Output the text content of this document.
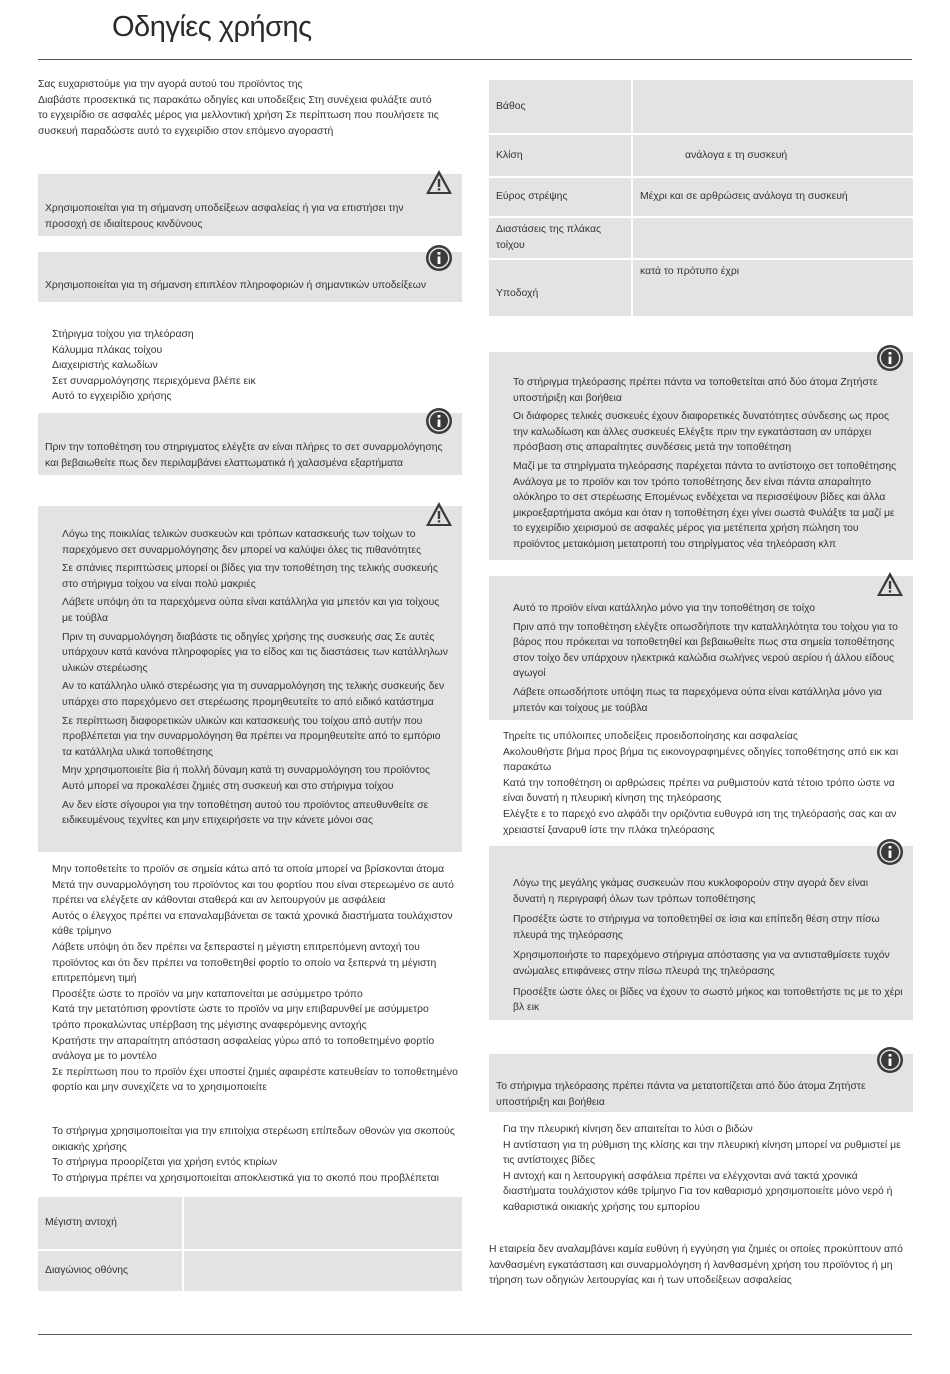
Οδηγίες χρήσης

Σας ευχαριστούμε για την αγορά αυτού του προϊόντος της

Διαβάστε προσεκτικά τις παρακάτω οδηγίες και υποδείξεις Στη συνέχεια φυλάξτε αυτό

το εγχειρίδιο σε ασφαλές μέρος για μελλοντική χρήση Σε περίπτωση που πουλήσετε τις

συσκευή παραδώστε αυτό το εγχειρίδιο στον επόμενο αγοραστή

Χρησιμοποιείται για τη σήμανση υποδείξεων ασφαλείας ή για να επιστήσει την προσοχή σε ιδιαίτερους κινδύνους
Χρησιμοποιείται για τη σήμανση επιπλέον πληροφοριών ή σημαντικών υποδείξεων

Στήριγμα τοίχου για τηλεόραση

Κάλυμμα πλάκας τοίχου

Διαχειριστής καλωδίων

Σετ συναρμολόγησης περιεχόμενα βλέπε εικ

Αυτό το εγχειρίδιο χρήσης

Πριν την τοποθέτηση του στηριγματος ελέγξτε αν είναι πλήρες το σετ συναρμολόγησης και βεβαιωθείτε πως δεν περιλαμβάνει ελαττωματικά ή χαλασμένα εξαρτήματα
Λόγω της ποικιλίας τελικών συσκευών και τρόπων κατασκευής των τοίχων το παρεχόμενο σετ συναρμολόγησης δεν μπορεί να καλύψει όλες τις πιθανότητες
Σε σπάνιες περιπτώσεις μπορεί οι βίδες για την τοποθέτηση της τελικής συσκευής στο στήριγμα τοίχου να είναι πολύ μακριές
Λάβετε υπόψη ότι τα παρεχόμενα ούπα είναι κατάλληλα για μπετόν και για τοίχους με τούβλα
Πριν τη συναρμολόγηση διαβάστε τις οδηγίες χρήσης της συσκευής σας Σε αυτές υπάρχουν κατά κανόνα πληροφορίες για το είδος και τις διαστάσεις των κατάλληλων υλικών στερέωσης
Αν το κατάλληλο υλικό στερέωσης για τη συναρμολόγηση της τελικής συσκευής δεν υπάρχει στο παρεχόμενο σετ στερέωσης προμηθευτείτε το από ειδικό κατάστημα
Σε περίπτωση διαφορετικών υλικών και κατασκευής του τοίχου από αυτήν που προβλέπεται για την συναρμολόγηση θα πρέπει να προμηθευτείτε από το εμπόριο τα κατάλληλα υλικά τοποθέτησης
Μην χρησιμοποιείτε βία ή πολλή δύναμη κατά τη συναρμολόγηση του προϊόντος Αυτό μπορεί να προκαλέσει ζημιές στη συσκευή και στο στήριγμα τοίχου
Αν δεν είστε σίγουροι για την τοποθέτηση αυτού του προϊόντος απευθυνθείτε σε ειδικευμένους τεχνίτες και μην επιχειρήσετε να την κάνετε μόνοι σας

Μην τοποθετείτε το προϊόν σε σημεία κάτω από τα οποία μπορεί να βρίσκονται άτομα

Μετά την συναρμολόγηση του προϊόντος και του φορτίου που είναι στερεωμένο σε αυτό πρέπει να ελέγξετε αν κάθονται σταθερά και αν λειτουργούν με ασφάλεια

Αυτός ο έλεγχος πρέπει να επαναλαμβάνεται σε τακτά χρονικά διαστήματα τουλάχιστον κάθε τρίμηνο

Λάβετε υπόψη ότι δεν πρέπει να ξεπεραστεί η μέγιστη επιτρεπόμενη αντοχή του προϊόντος και ότι δεν πρέπει να τοποθετηθεί φορτίο το οποίο να ξεπερνά τη μέγιστη επιτρεπόμενη τιμή

Προσέξτε ώστε το προϊόν να μην καταπονείται με ασύμμετρο τρόπο

Κατά την μετατόπιση φροντίστε ώστε το προϊόν να μην επιβαρυνθεί με ασύμμετρο τρόπο προκαλώντας υπέρβαση της μέγιστης αναφερόμενης αντοχής

Κρατήστε την απαραίτητη απόσταση ασφαλείας γύρω από το τοποθετημένο φορτίο ανάλογα με το μοντέλο

Σε περίπτωση που το προϊόν έχει υποστεί ζημιές αφαιρέστε κατευθείαν το τοποθετημένο φορτίο και μην συνεχίζετε να το χρησιμοποιείτε

Το στήριγμα χρησιμοποιείται για την επιτοίχια στερέωση επίπεδων οθονών για σκοπούς οικιακής χρήσης

Το στήριγμα προορίζεται για χρήση εντός κτιρίων

Το στήριγμα πρέπει να χρησιμοποιείται αποκλειστικά για το σκοπό που προβλέπεται

Μέγιστη αντοχή	
Διαγώνιος οθόνης	
Βάθος	
Κλίση	ανάλογα ε τη συσκευή
Εύρος στρέψης	Μέχρι και σε αρθρώσεις ανάλογα τη συσκευή
Διαστάσεις της πλάκας τοίχου	
Υποδοχή	κατά το πρότυπο έχρι
Το στήριγμα τηλεόρασης πρέπει πάντα να τοποθετείται από δύο άτομα Ζητήστε υποστήριξη και βοήθεια
Οι διάφορες τελικές συσκευές έχουν διαφορετικές δυνατότητες σύνδεσης ως προς την καλωδίωση και άλλες συσκευές Ελέγξτε πριν την εγκατάσταση αν υπάρχει πρόσβαση στις απαραίτητες συνδέσεις μετά την τοποθέτηση
Μαζί με τα στηρίγματα τηλεόρασης παρέχεται πάντα το αντίστοιχο σετ τοποθέτησης Ανάλογα με το προϊόν και τον τρόπο τοποθέτησης δεν είναι πάντα απαραίτητο ολόκληρο το σετ στερέωσης Επομένως ενδέχεται να περισσέψουν βίδες και άλλα μικροεξαρτήματα ακόμα και όταν η τοποθέτηση έχει γίνει σωστά Φυλάξτε τα μαζί με το εγχειρίδιο χειρισμού σε ασφαλές μέρος για μετέπειτα χρήση πώληση του προϊόντος μετακόμιση μετατροπή του στηρίγματος νέα τηλεόραση κλπ
Αυτό το προϊόν είναι κατάλληλο μόνο για την τοποθέτηση σε τοίχο
Πριν από την τοποθέτηση ελέγξτε οπωσδήποτε την καταλληλότητα του τοίχου για το βάρος που πρόκειται να τοποθετηθεί και βεβαιωθείτε πως στα σημεία τοποθέτησης στον τοίχο δεν υπάρχουν ηλεκτρικά καλώδια σωλήνες νερού αερίου ή άλλου είδους αγωγοί
Λάβετε οπωσδήποτε υπόψη πως τα παρεχόμενα ούπα είναι κατάλληλα μόνο για μπετόν και τοίχους με τούβλα

Τηρείτε τις υπόλοιπες υποδείξεις προειδοποίησης και ασφαλείας

Ακολουθήστε βήμα προς βήμα τις εικονογραφημένες οδηγίες τοποθέτησης από εικ και παρακάτω

Κατά την τοποθέτηση οι αρθρώσεις πρέπει να ρυθμιστούν κατά τέτοιο τρόπο ώστε να είναι δυνατή η πλευρική κίνηση της τηλεόρασης

Ελέγξτε ε το παρεχό ενο αλφάδι την οριζόντια ευθυγρά ιση της τηλεόρασής σας και αν χρειαστεί ξαναρυθ ίστε την πλάκα τηλεόρασης

Λόγω της μεγάλης γκάμας συσκευών που κυκλοφορούν στην αγορά δεν είναι δυνατή η περιγραφή όλων των τρόπων τοποθέτησης
Προσέξτε ώστε το στήριγμα να τοποθετηθεί σε ίσια και επίπεδη θέση στην πίσω πλευρά της τηλεόρασης
Χρησιμοποιήστε το παρεχόμενο στήριγμα απόστασης για να αντισταθμίσετε τυχόν ανώμαλες επιφάνειες στην πίσω πλευρά της τηλεόρασης
Προσέξτε ώστε όλες οι βίδες να έχουν το σωστό μήκος και τοποθετήστε τις με το χέρι βλ εικ
Το στήριγμα τηλεόρασης πρέπει πάντα να μετατοπίζεται από δύο άτομα Ζητήστε υποστήριξη και βοήθεια

Για την πλευρική κίνηση δεν απαιτείται το λύσι ο βιδών

Η αντίσταση για τη ρύθμιση της κλίσης και την πλευρική κίνηση μπορεί να ρυθμιστεί με τις αντίστοιχες βίδες

Η αντοχή και η λειτουργική ασφάλεια πρέπει να ελέγχονται ανά τακτά χρονικά διαστήματα τουλάχιστον κάθε τρίμηνο Για τον καθαρισμό χρησιμοποιείτε μόνο νερό ή καθαριστικά οικιακής χρήσης του εμπορίου

Η εταιρεία δεν αναλαμβάνει καμία ευθύνη ή εγγύηση για ζημιές οι οποίες προκύπτουν από λανθασμένη εγκατάσταση και συναρμολόγηση ή λανθασμένη χρήση του προϊόντος ή μη τήρηση των οδηγιών λειτουργίας και ή των υποδείξεων ασφαλείας
